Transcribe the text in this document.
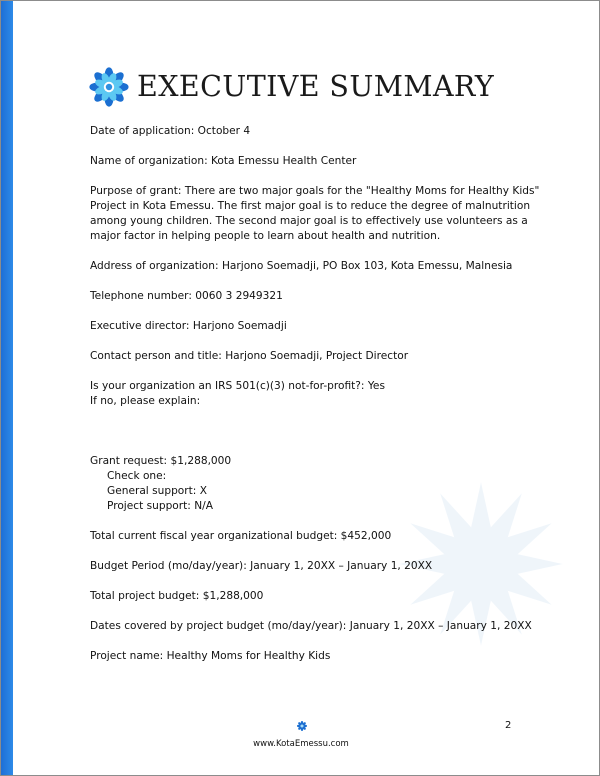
EXECUTIVE SUMMARY
Date of application: October 4
Name of organization: Kota Emessu Health Center
Purpose of grant: There are two major goals for the "Healthy Moms for Healthy Kids" Project in Kota Emessu. The first major goal is to reduce the degree of malnutrition among young children. The second major goal is to effectively use volunteers as a major factor in helping people to learn about health and nutrition.
Address of organization: Harjono Soemadji, PO Box 103, Kota Emessu, Malnesia
Telephone number: 0060 3 2949321
Executive director: Harjono Soemadji
Contact person and title: Harjono Soemadji, Project Director
Is your organization an IRS 501(c)(3) not-for-profit?: Yes
If no, please explain:
Grant request: $1,288,000
Check one:
General support: X
Project support: N/A
Total current fiscal year organizational budget: $452,000
Budget Period (mo/day/year): January 1, 20XX – January 1, 20XX
Total project budget: $1,288,000
Dates covered by project budget (mo/day/year): January 1, 20XX – January 1, 20XX
Project name: Healthy Moms for Healthy Kids
2
www.KotaEmessu.com
